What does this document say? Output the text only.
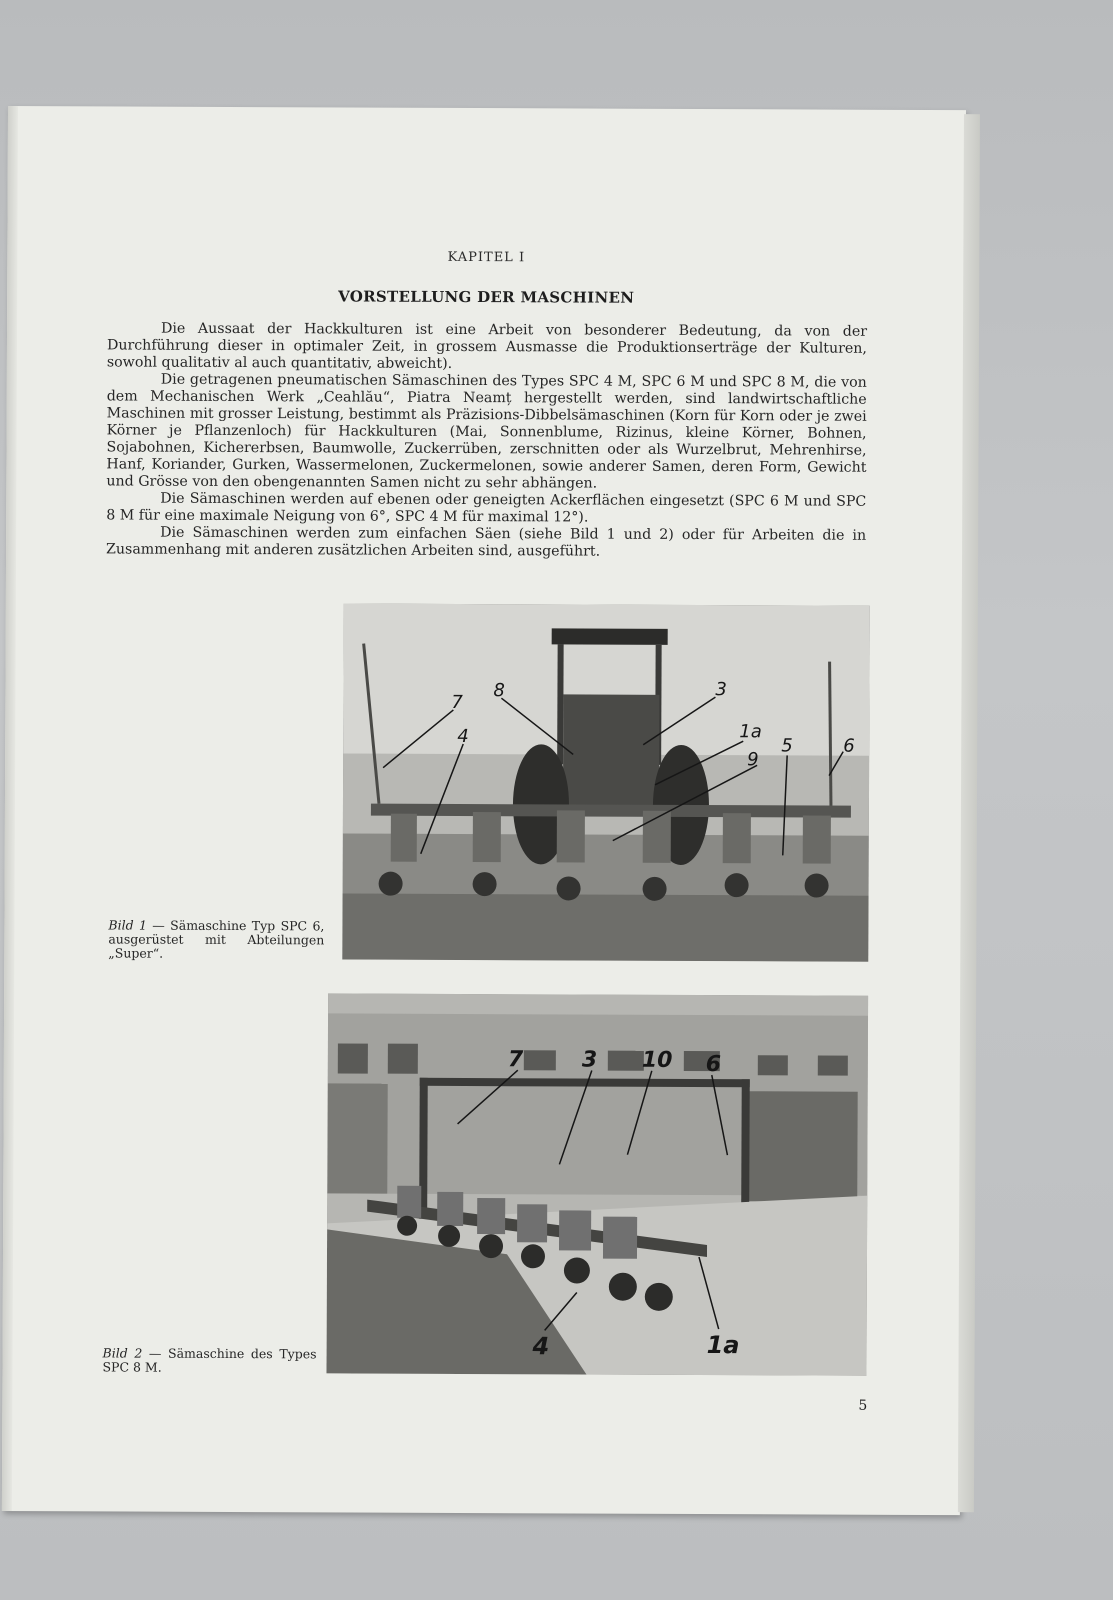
KAPITEL I
VORSTELLUNG DER MASCHINEN

Die Aussaat der Hackkulturen ist eine Arbeit von besonderer Bedeutung, da von der Durchführung dieser in optimaler Zeit, in grossem Ausmasse die Produktionserträge der Kulturen, sowohl qualitativ al auch quantitativ, abweicht).

Die getragenen pneumatischen Sämaschinen des Types SPC 4 M, SPC 6 M und SPC 8 M, die von dem Mechanischen Werk „Ceahlău“, Piatra Neamț hergestellt werden, sind landwirtschaftliche Maschinen mit grosser Leistung, bestimmt als Präzisions-Dibbelsämaschinen (Korn für Korn oder je zwei Körner je Pflanzenloch) für Hackkulturen (Mai, Sonnenblume, Rizinus, kleine Körner, Bohnen, Sojabohnen, Kichererbsen, Baumwolle, Zuckerrüben, zerschnitten oder als Wurzelbrut, Mehrenhirse, Hanf, Koriander, Gurken, Wassermelonen, Zuckermelonen, sowie anderer Samen, deren Form, Gewicht und Grösse von den obengenannten Samen nicht zu sehr abhängen.

Die Sämaschinen werden auf ebenen oder geneigten Ackerflächen eingesetzt (SPC 6 M und SPC 8 M für eine maximale Neigung von 6°, SPC 4 M für maximal 12°).

Die Sämaschinen werden zum einfachen Säen (siehe Bild 1 und 2) oder für Arbeiten die in Zusammenhang mit anderen zusätzlichen Arbeiten sind, ausgeführt.

7
8
4
3
1a
9
5	6
Bild 1 — Sämaschine Typ SPC 6, ausgerüstet mit Abteilungen „Super“.
7	3 10 6
4	1a
Bild 2 — Sämaschine des Types SPC 8 M.
5
